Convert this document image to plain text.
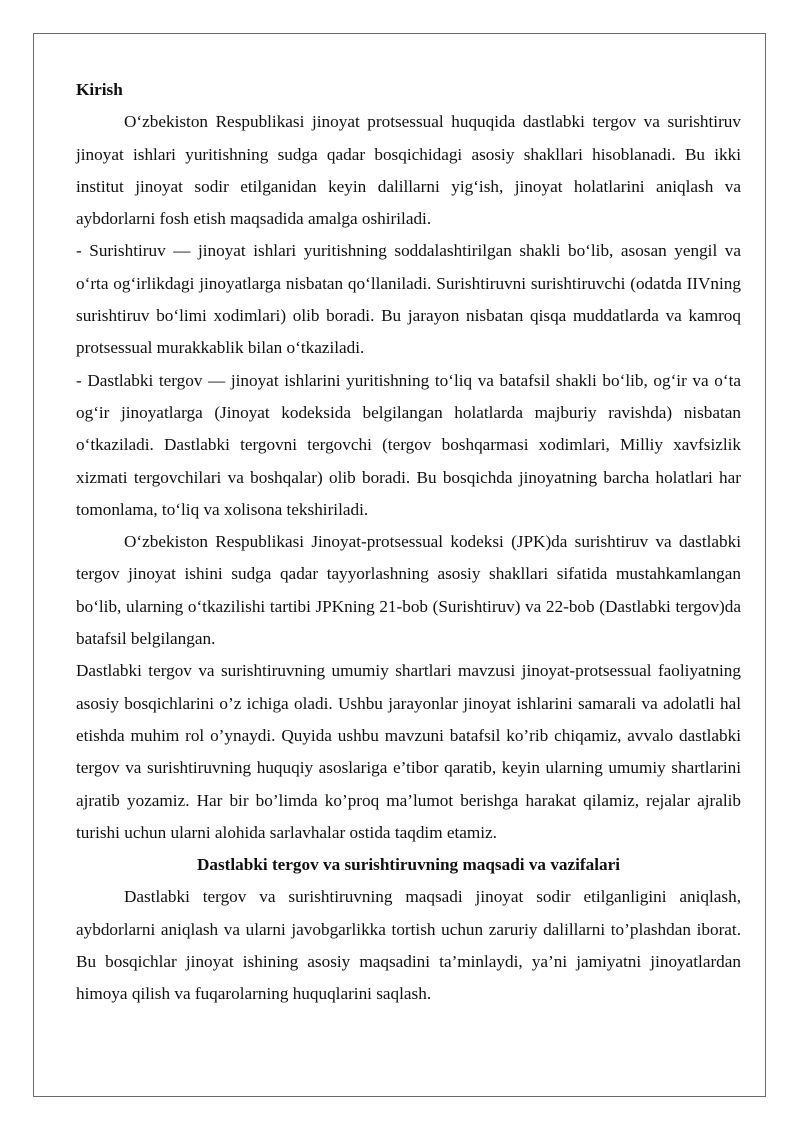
Kirish

O‘zbekiston Respublikasi jinoyat protsessual huquqida dastlabki tergov va surishtiruv jinoyat ishlari yuritishning sudga qadar bosqichidagi asosiy shakllari hisoblanadi. Bu ikki institut jinoyat sodir etilganidan keyin dalillarni yig‘ish, jinoyat holatlarini aniqlash va aybdorlarni fosh etish maqsadida amalga oshiriladi.

- Surishtiruv — jinoyat ishlari yuritishning soddalashtirilgan shakli bo‘lib, asosan yengil va o‘rta og‘irlikdagi jinoyatlarga nisbatan qo‘llaniladi. Surishtiruvni surishtiruvchi (odatda IIVning surishtiruv bo‘limi xodimlari) olib boradi. Bu jarayon nisbatan qisqa muddatlarda va kamroq protsessual murakkablik bilan o‘tkaziladi.

- Dastlabki tergov — jinoyat ishlarini yuritishning to‘liq va batafsil shakli bo‘lib, og‘ir va o‘ta og‘ir jinoyatlarga (Jinoyat kodeksida belgilangan holatlarda majburiy ravishda) nisbatan o‘tkaziladi. Dastlabki tergovni tergovchi (tergov boshqarmasi xodimlari, Milliy xavfsizlik xizmati tergovchilari va boshqalar) olib boradi. Bu bosqichda jinoyatning barcha holatlari har tomonlama, to‘liq va xolisona tekshiriladi.

O‘zbekiston Respublikasi Jinoyat-protsessual kodeksi (JPK)da surishtiruv va dastlabki tergov jinoyat ishini sudga qadar tayyorlashning asosiy shakllari sifatida mustahkamlangan bo‘lib, ularning o‘tkazilishi tartibi JPKning 21-bob (Surishtiruv) va 22-bob (Dastlabki tergov)da batafsil belgilangan.

Dastlabki tergov va surishtiruvning umumiy shartlari mavzusi jinoyat-protsessual faoliyatning asosiy bosqichlarini o’z ichiga oladi. Ushbu jarayonlar jinoyat ishlarini samarali va adolatli hal etishda muhim rol o’ynaydi. Quyida ushbu mavzuni batafsil ko’rib chiqamiz, avvalo dastlabki tergov va surishtiruvning huquqiy asoslariga e’tibor qaratib, keyin ularning umumiy shartlarini ajratib yozamiz. Har bir bo’limda ko’proq ma’lumot berishga harakat qilamiz, rejalar ajralib turishi uchun ularni alohida sarlavhalar ostida taqdim etamiz.

Dastlabki tergov va surishtiruvning maqsadi va vazifalari

Dastlabki tergov va surishtiruvning maqsadi jinoyat sodir etilganligini aniqlash, aybdorlarni aniqlash va ularni javobgarlikka tortish uchun zaruriy dalillarni to’plashdan iborat. Bu bosqichlar jinoyat ishining asosiy maqsadini ta’minlaydi, ya’ni jamiyatni jinoyatlardan himoya qilish va fuqarolarning huquqlarini saqlash.
